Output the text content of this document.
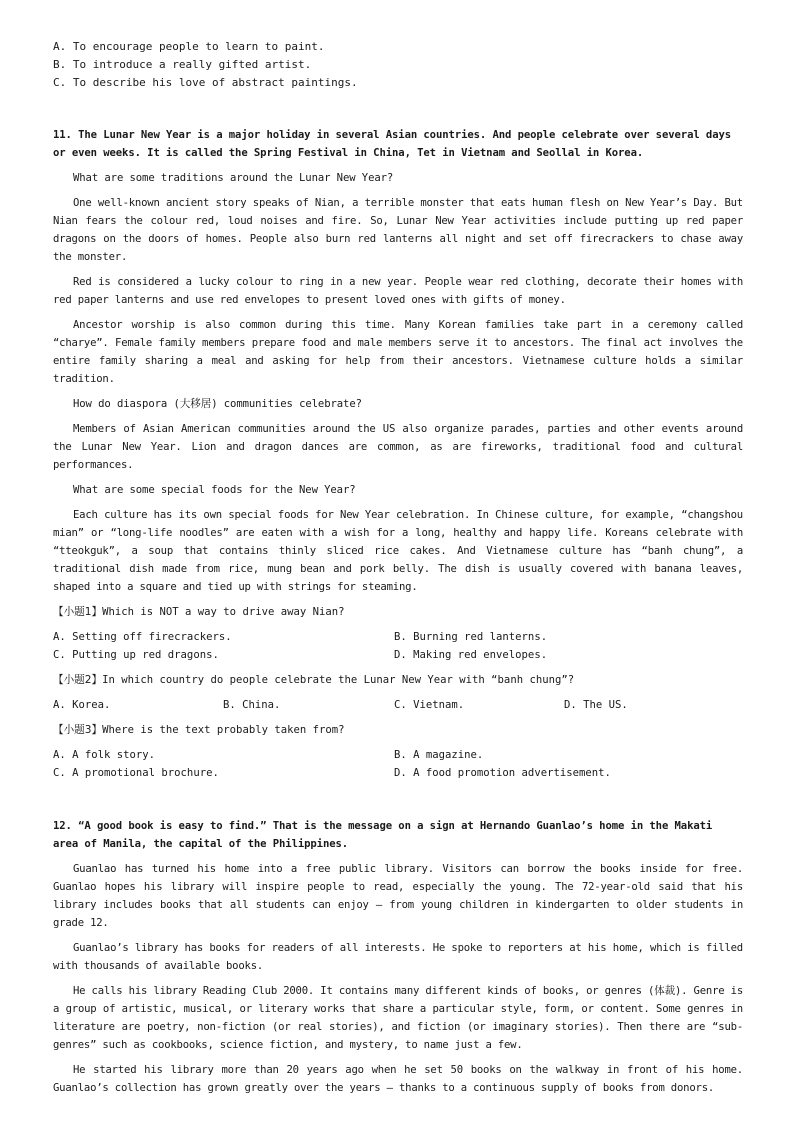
A. To encourage people to learn to paint.
B. To introduce a really gifted artist.
C. To describe his love of abstract paintings.
11. The Lunar New Year is a major holiday in several Asian countries. And people celebrate over several days or even weeks. It is called the Spring Festival in China, Tet in Vietnam and Seollal in Korea.

What are some traditions around the Lunar New Year?

One well-known ancient story speaks of Nian, a terrible monster that eats human flesh on New Year’s Day. But Nian fears the colour red, loud noises and fire. So, Lunar New Year activities include putting up red paper dragons on the doors of homes. People also burn red lanterns all night and set off firecrackers to chase away the monster.

Red is considered a lucky colour to ring in a new year. People wear red clothing, decorate their homes with red paper lanterns and use red envelopes to present loved ones with gifts of money.

Ancestor worship is also common during this time. Many Korean families take part in a ceremony called “charye”. Female family members prepare food and male members serve it to ancestors. The final act involves the entire family sharing a meal and asking for help from their ancestors. Vietnamese culture holds a similar tradition.

How do diaspora (大移居) communities celebrate?

Members of Asian American communities around the US also organize parades, parties and other events around the Lunar New Year. Lion and dragon dances are common, as are fireworks, traditional food and cultural performances.

What are some special foods for the New Year?

Each culture has its own special foods for New Year celebration. In Chinese culture, for example, “changshou mian” or “long-life noodles” are eaten with a wish for a long, healthy and happy life. Koreans celebrate with “tteokguk”, a soup that contains thinly sliced rice cakes. And Vietnamese culture has “banh chung”, a traditional dish made from rice, mung bean and pork belly. The dish is usually covered with banana leaves, shaped into a square and tied up with strings for steaming.

【小题1】Which is NOT a way to drive away Nian?

A. Setting off firecrackers.	B. Burning red lanterns.
C. Putting up red dragons.	D. Making red envelopes.

【小题2】In which country do people celebrate the Lunar New Year with “banh chung”?

A. Korea.	B. China.	C. Vietnam.	D. The US.

【小题3】Where is the text probably taken from?

A. A folk story.	B. A magazine.
C. A promotional brochure.	D. A food promotion advertisement.
12. “A good book is easy to find.” That is the message on a sign at Hernando Guanlao’s home in the Makati area of Manila, the capital of the Philippines.

Guanlao has turned his home into a free public library. Visitors can borrow the books inside for free. Guanlao hopes his library will inspire people to read, especially the young. The 72-year-old said that his library includes books that all students can enjoy — from young children in kindergarten to older students in grade 12.

Guanlao’s library has books for readers of all interests. He spoke to reporters at his home, which is filled with thousands of available books.

He calls his library Reading Club 2000. It contains many different kinds of books, or genres (体裁). Genre is a group of artistic, musical, or literary works that share a particular style, form, or content. Some genres in literature are poetry, non-fiction (or real stories), and fiction (or imaginary stories). Then there are “sub-genres” such as cookbooks, science fiction, and mystery, to name just a few.

He started his library more than 20 years ago when he set 50 books on the walkway in front of his home. Guanlao’s collection has grown greatly over the years — thanks to a continuous supply of books from donors.
